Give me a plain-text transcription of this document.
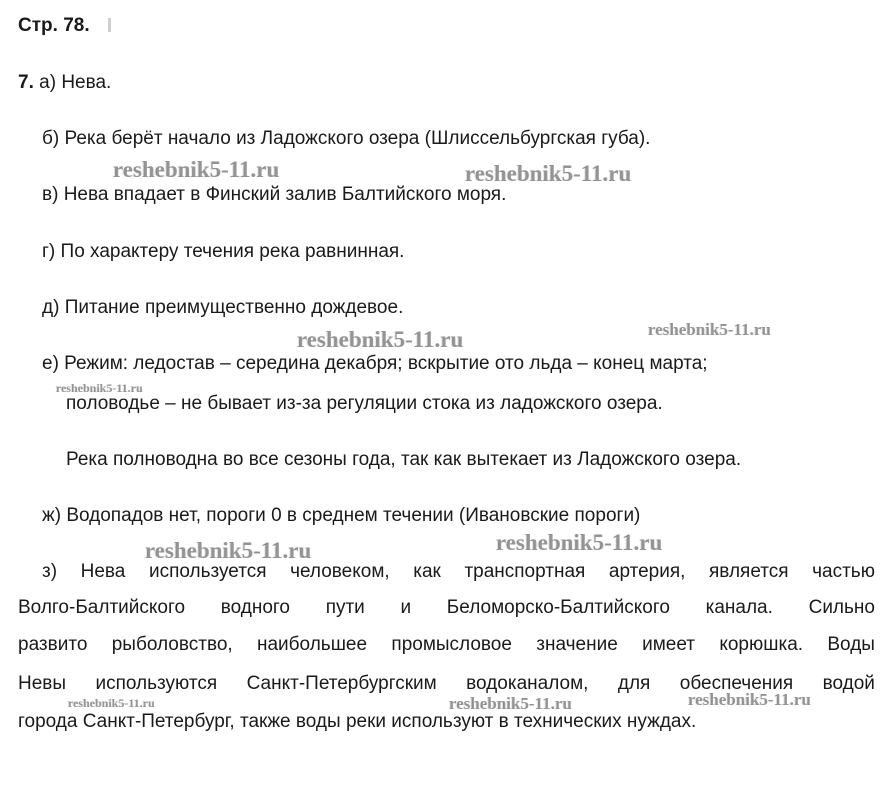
Стр. 78.
7. а) Нева.
б) Река берёт начало из Ладожского озера (Шлиссельбургская губа).
в) Нева впадает в Финский залив Балтийского моря.
г) По характеру течения река равнинная.
д) Питание преимущественно дождевое.
е) Режим: ледостав – середина декабря; вскрытие ото льда – конец марта;
половодье – не бывает из-за регуляции стока из ладожского озера.
Река полноводна во все сезоны года, так как вытекает из Ладожского озера.
ж) Водопадов нет, пороги 0 в среднем течении (Ивановские пороги)
з) Нева используется человеком, как транспортная артерия, является частью
Волго-Балтийского водного пути и Беломорско-Балтийского канала. Сильно
развито рыболовство, наибольшее промысловое значение имеет корюшка. Воды
Невы используются Санкт-Петербургским водоканалом, для обеспечения водой
города Санкт-Петербург, также воды реки используют в технических нуждах.
reshebnik5-11.ru	reshebnik5-11.ru
reshebnik5-11.ru	reshebnik5-11.ru
reshebnik5-11.ru
reshebnik5-11.ru	reshebnik5-11.ru
reshebnik5-11.ru	reshebnik5-11.ru	reshebnik5-11.ru
